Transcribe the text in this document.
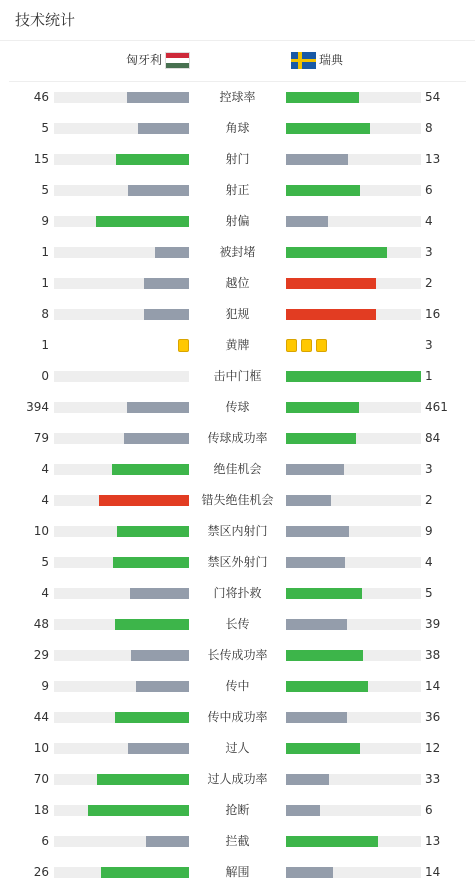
技术统计
匈牙利	瑞典
46	控球率	54
5	角球	8
15	射门	13
5	射正	6
9	射偏	4
1	被封堵	3
1	越位	2
8	犯规	16
1	黄牌	3
0	击中门框	1
394	传球	461
79	传球成功率	84
4	绝佳机会	3
4	错失绝佳机会	2
10	禁区内射门	9
5	禁区外射门	4
4	门将扑救	5
48	长传	39
29	长传成功率	38
9	传中	14
44	传中成功率	36
10	过人	12
70	过人成功率	33
18	抢断	6
6	拦截	13
26	解围	14
